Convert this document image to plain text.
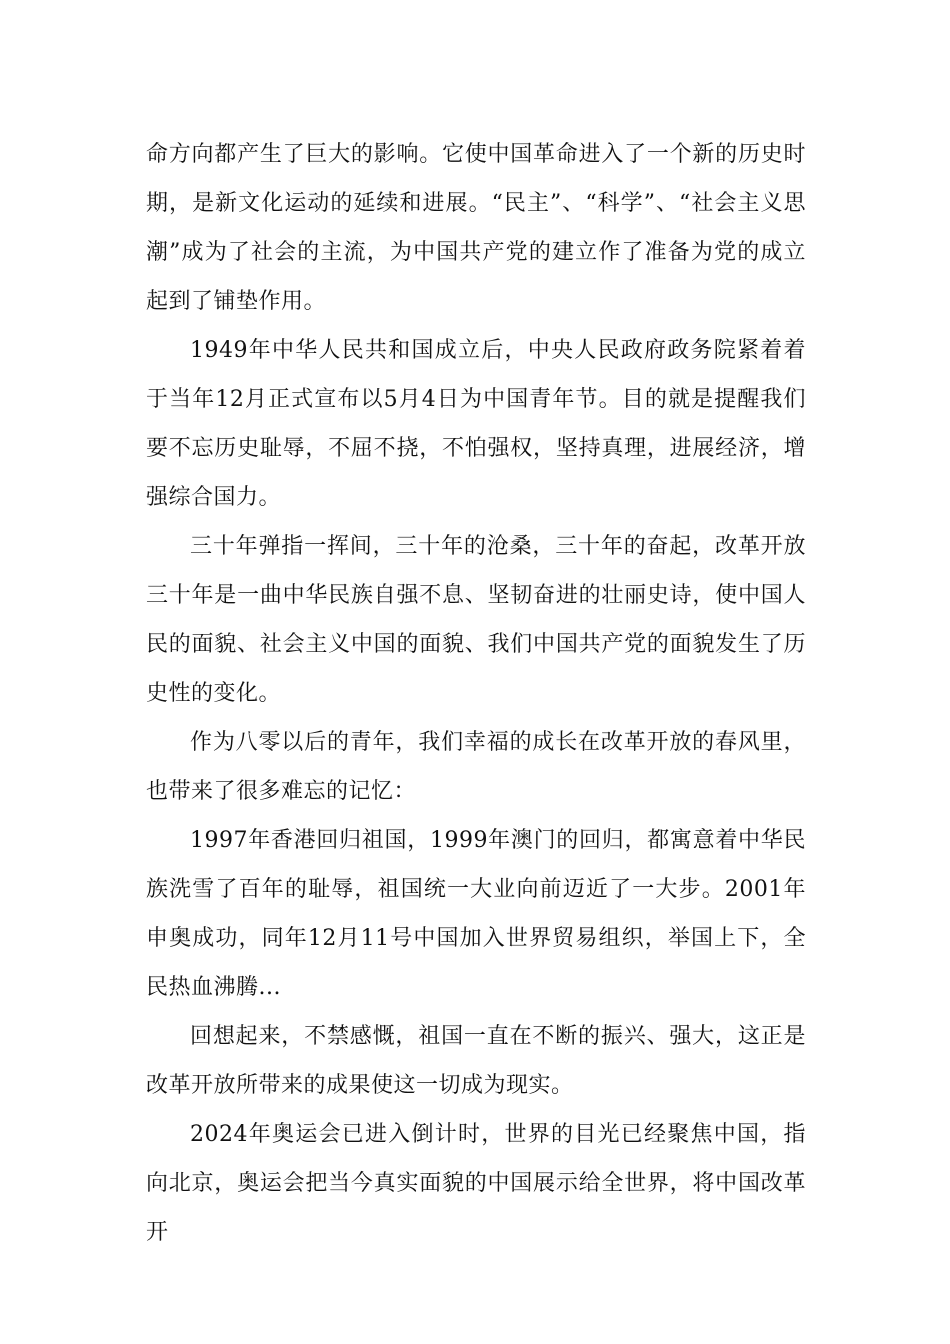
命方向都产生了巨大的影响。它使中国革命进入了一个新的历史时期，是新文化运动的延续和进展。“民主”、“科学”、“社会主义思潮”成为了社会的主流，为中国共产党的建立作了准备为党的成立起到了铺垫作用。

1949年中华人民共和国成立后，中央人民政府政务院紧着着于当年12月正式宣布以5月4日为中国青年节。目的就是提醒我们要不忘历史耻辱，不屈不挠，不怕强权，坚持真理，进展经济，增强综合国力。

三十年弹指一挥间，三十年的沧桑，三十年的奋起，改革开放三十年是一曲中华民族自强不息、坚韧奋进的壮丽史诗，使中国人民的面貌、社会主义中国的面貌、我们中国共产党的面貌发生了历史性的变化。

作为八零以后的青年，我们幸福的成长在改革开放的春风里，也带来了很多难忘的记忆：

1997年香港回归祖国，1999年澳门的回归，都寓意着中华民族洗雪了百年的耻辱，祖国统一大业向前迈近了一大步。2001年申奥成功，同年12月11号中国加入世界贸易组织，举国上下，全民热血沸腾...

回想起来，不禁感慨，祖国一直在不断的振兴、强大，这正是改革开放所带来的成果使这一切成为现实。

2024年奥运会已进入倒计时，世界的目光已经聚焦中国，指向北京，奥运会把当今真实面貌的中国展示给全世界，将中国改革开
